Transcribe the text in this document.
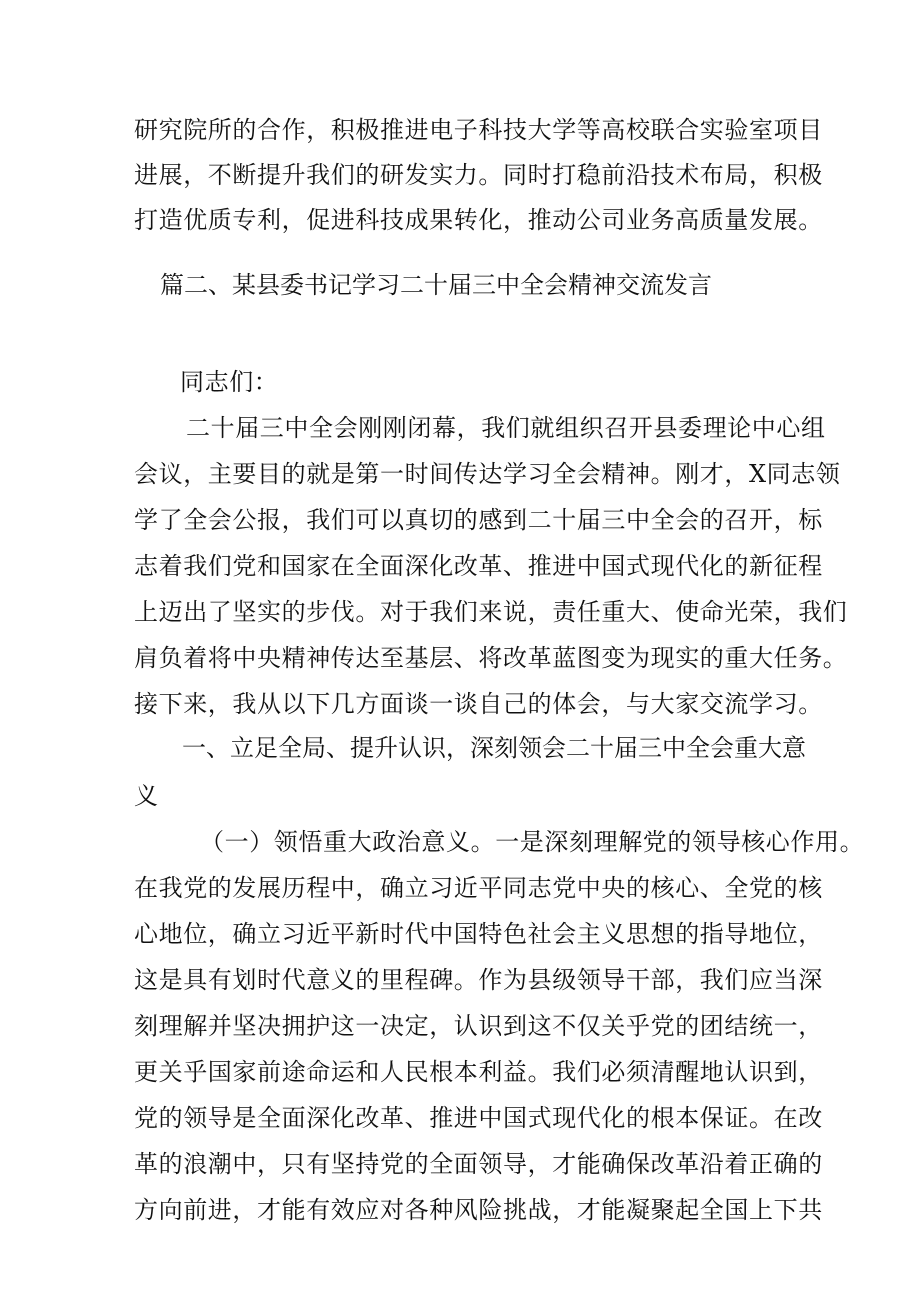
研究院所的合作，积极推进电子科技大学等高校联合实验室项目
进展，不断提升我们的研发实力。同时打稳前沿技术布局，积极
打造优质专利，促进科技成果转化，推动公司业务高质量发展。
篇二、某县委书记学习二十届三中全会精神交流发言
同志们：
二十届三中全会刚刚闭幕，我们就组织召开县委理论中心组
会议，主要目的就是第一时间传达学习全会精神。刚才，X同志领
学了全会公报，我们可以真切的感到二十届三中全会的召开，标
志着我们党和国家在全面深化改革、推进中国式现代化的新征程
上迈出了坚实的步伐。对于我们来说，责任重大、使命光荣，我们
肩负着将中央精神传达至基层、将改革蓝图变为现实的重大任务。
接下来，我从以下几方面谈一谈自己的体会，与大家交流学习。
一、立足全局、提升认识，深刻领会二十届三中全会重大意
义
（一）领悟重大政治意义。一是深刻理解党的领导核心作用。
在我党的发展历程中，确立习近平同志党中央的核心、全党的核
心地位，确立习近平新时代中国特色社会主义思想的指导地位，
这是具有划时代意义的里程碑。作为县级领导干部，我们应当深
刻理解并坚决拥护这一决定，认识到这不仅关乎党的团结统一，
更关乎国家前途命运和人民根本利益。我们必须清醒地认识到，
党的领导是全面深化改革、推进中国式现代化的根本保证。在改
革的浪潮中，只有坚持党的全面领导，才能确保改革沿着正确的
方向前进，才能有效应对各种风险挑战，才能凝聚起全国上下共
